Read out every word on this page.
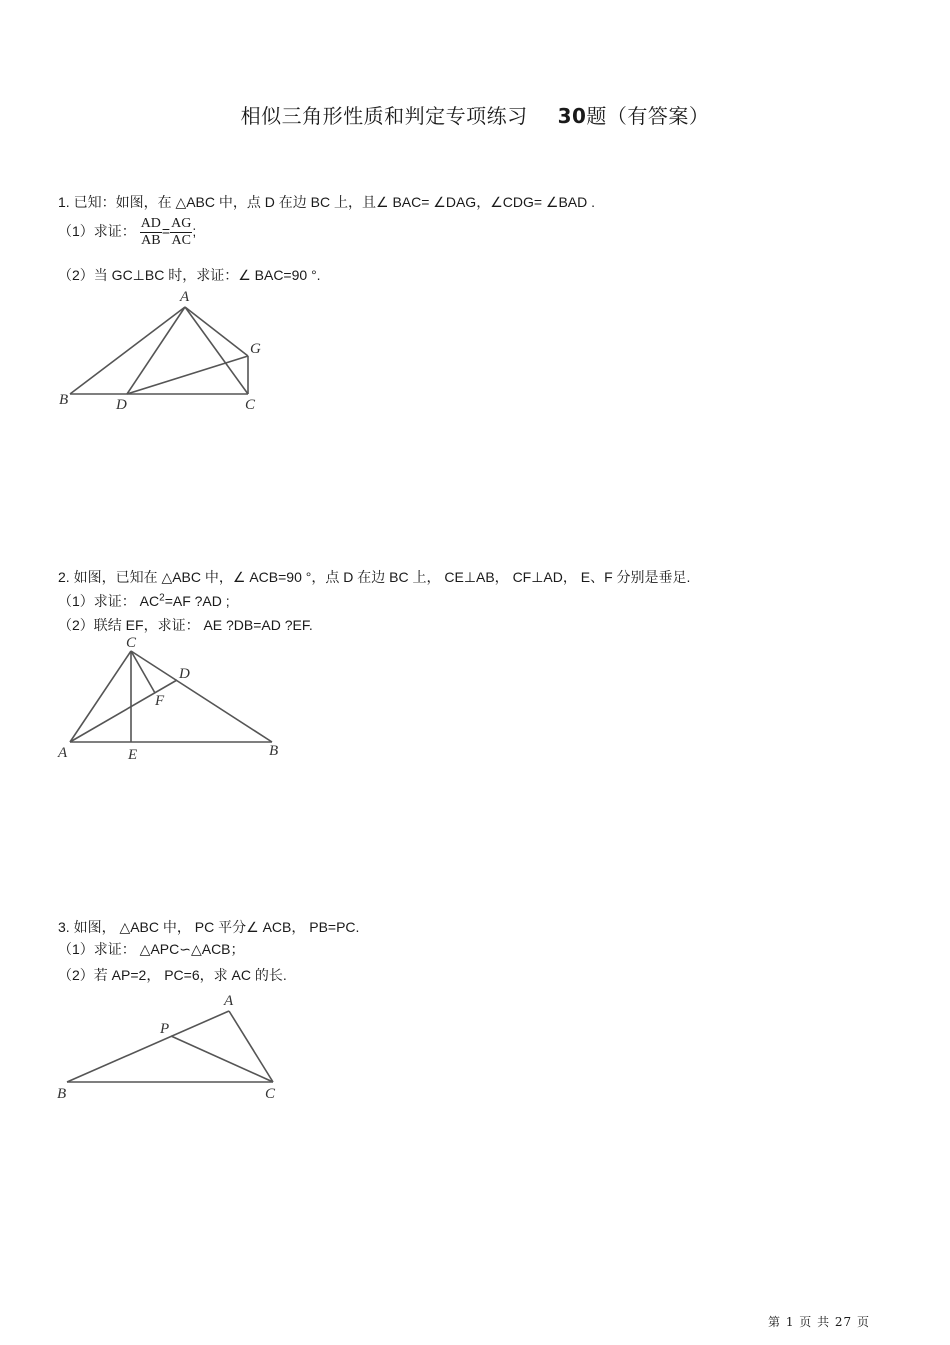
相似三角形性质和判定专项练习 30题（有答案）
1. 已知：如图，在 △ABC 中，点 D 在边 BC 上，且∠ BAC= ∠DAG，∠CDG= ∠BAD .
（1）求证： $\frac{AD}{AB} = \frac{AG}{AC}$ ;
（2）当 GC⊥BC 时，求证：∠ BAC=90 °.
A
B	C
D
G
2. 如图，已知在 △ABC 中，∠ ACB=90 °，点 D 在边 BC 上， CE⊥AB， CF⊥AD， E、F 分别是垂足.
（1）求证： $AC^2=AF$ ?AD ;
（2）联结 EF，求证： AE ?DB=AD ?EF.
C
D
F
A	E	B
3. 如图， △ABC 中， PC 平分∠ ACB， PB=PC.
（1）求证： △APC∽△ACB；
（2）若 AP=2， PC=6，求 AC 的长.
A
P
B	C
第 1 页 共 27 页
